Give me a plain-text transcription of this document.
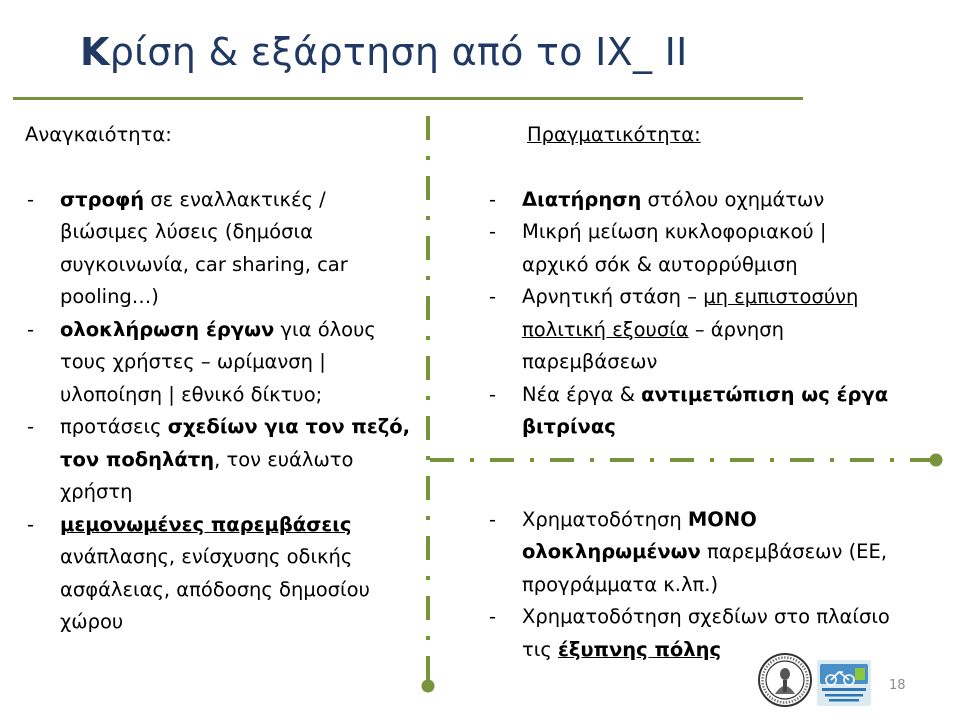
Κρίση & εξάρτηση από το ΙΧ_ ΙΙ

Αναγκαιότητα:

- στροφή σε εναλλακτικές / βιώσιμες λύσεις (δημόσια συγκοινωνία, car sharing, car pooling…)
- ολοκλήρωση έργων για όλους τους χρήστες – ωρίμανση | υλοποίηση | εθνικό δίκτυο;
- προτάσεις σχεδίων για τον πεζό, τον ποδηλάτη, τον ευάλωτο χρήστη
- μεμονωμένες παρεμβάσεις ανάπλασης, ενίσχυσης οδικής ασφάλειας, απόδοσης δημοσίου χώρου

Πραγματικότητα:

- Διατήρηση στόλου οχημάτων
- Μικρή μείωση κυκλοφοριακού | αρχικό σόκ & αυτορρύθμιση
- Αρνητική στάση – μη εμπιστοσύνη πολιτική εξουσία – άρνηση παρεμβάσεων
- Νέα έργα & αντιμετώπιση ως έργα βιτρίνας
- Χρηματοδότηση ΜΟΝΟ ολοκληρωμένων παρεμβάσεων (ΕΕ, προγράμματα κ.λπ.)
- Χρηματοδότηση σχεδίων στο πλαίσιο τις έξυπνης πόλης
18
